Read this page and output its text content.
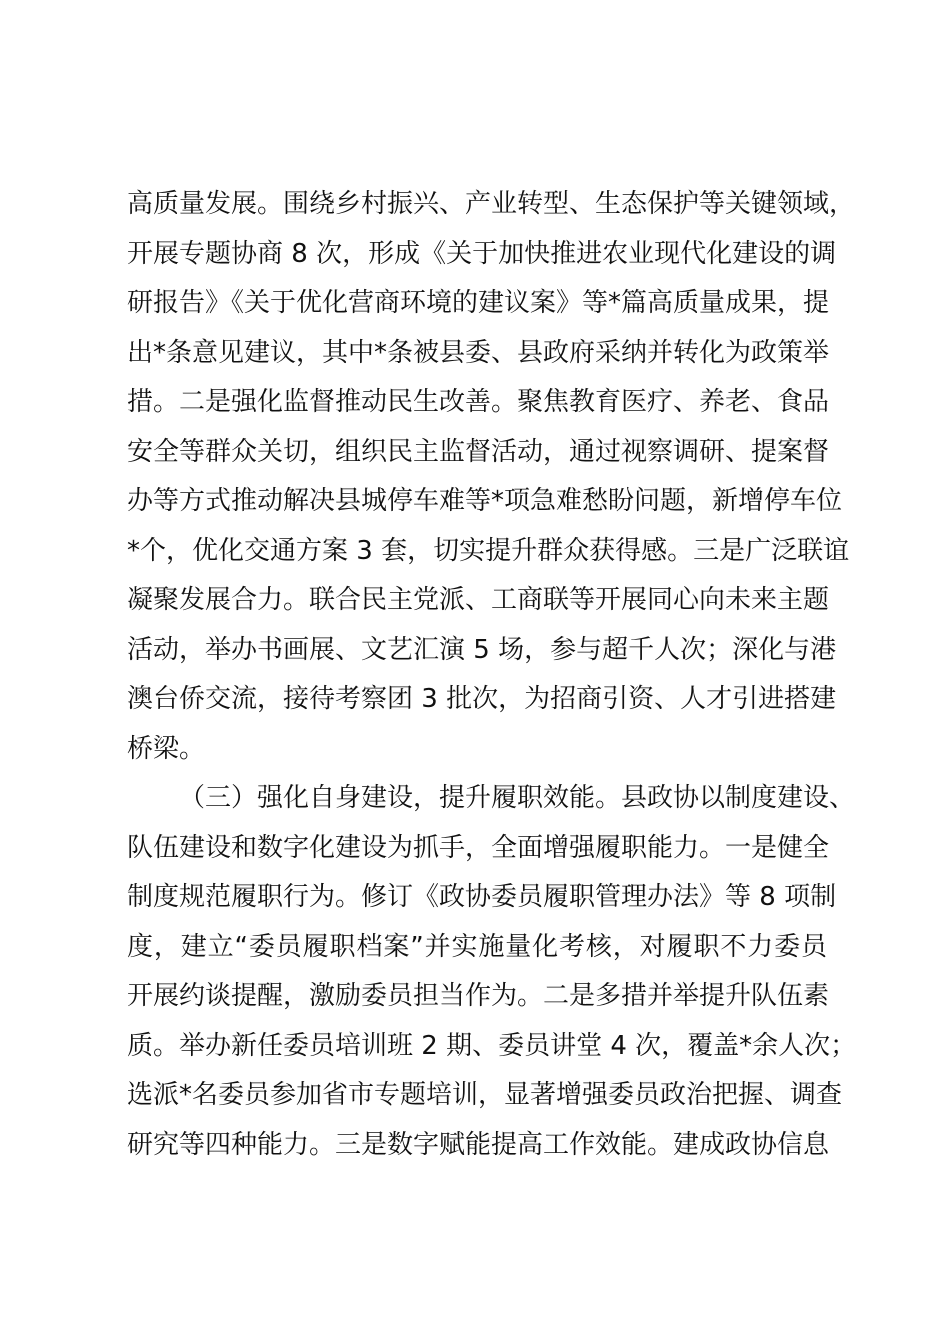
高质量发展。围绕乡村振兴、产业转型、生态保护等关键领域，
开展专题协商 8 次，形成《关于加快推进农业现代化建设的调
研报告》《关于优化营商环境的建议案》等*篇高质量成果，提
出*条意见建议，其中*条被县委、县政府采纳并转化为政策举
措。二是强化监督推动民生改善。聚焦教育医疗、养老、食品
安全等群众关切，组织民主监督活动，通过视察调研、提案督
办等方式推动解决县城停车难等*项急难愁盼问题，新增停车位
*个，优化交通方案 3 套，切实提升群众获得感。三是广泛联谊
凝聚发展合力。联合民主党派、工商联等开展同心向未来主题
活动，举办书画展、文艺汇演 5 场，参与超千人次；深化与港
澳台侨交流，接待考察团 3 批次，为招商引资、人才引进搭建
桥梁。
（三）强化自身建设，提升履职效能。县政协以制度建设、
队伍建设和数字化建设为抓手，全面增强履职能力。一是健全
制度规范履职行为。修订《政协委员履职管理办法》等 8 项制
度，建立“委员履职档案”并实施量化考核，对履职不力委员
开展约谈提醒，激励委员担当作为。二是多措并举提升队伍素
质。举办新任委员培训班 2 期、委员讲堂 4 次，覆盖*余人次；
选派*名委员参加省市专题培训，显著增强委员政治把握、调查
研究等四种能力。三是数字赋能提高工作效能。建成政协信息
